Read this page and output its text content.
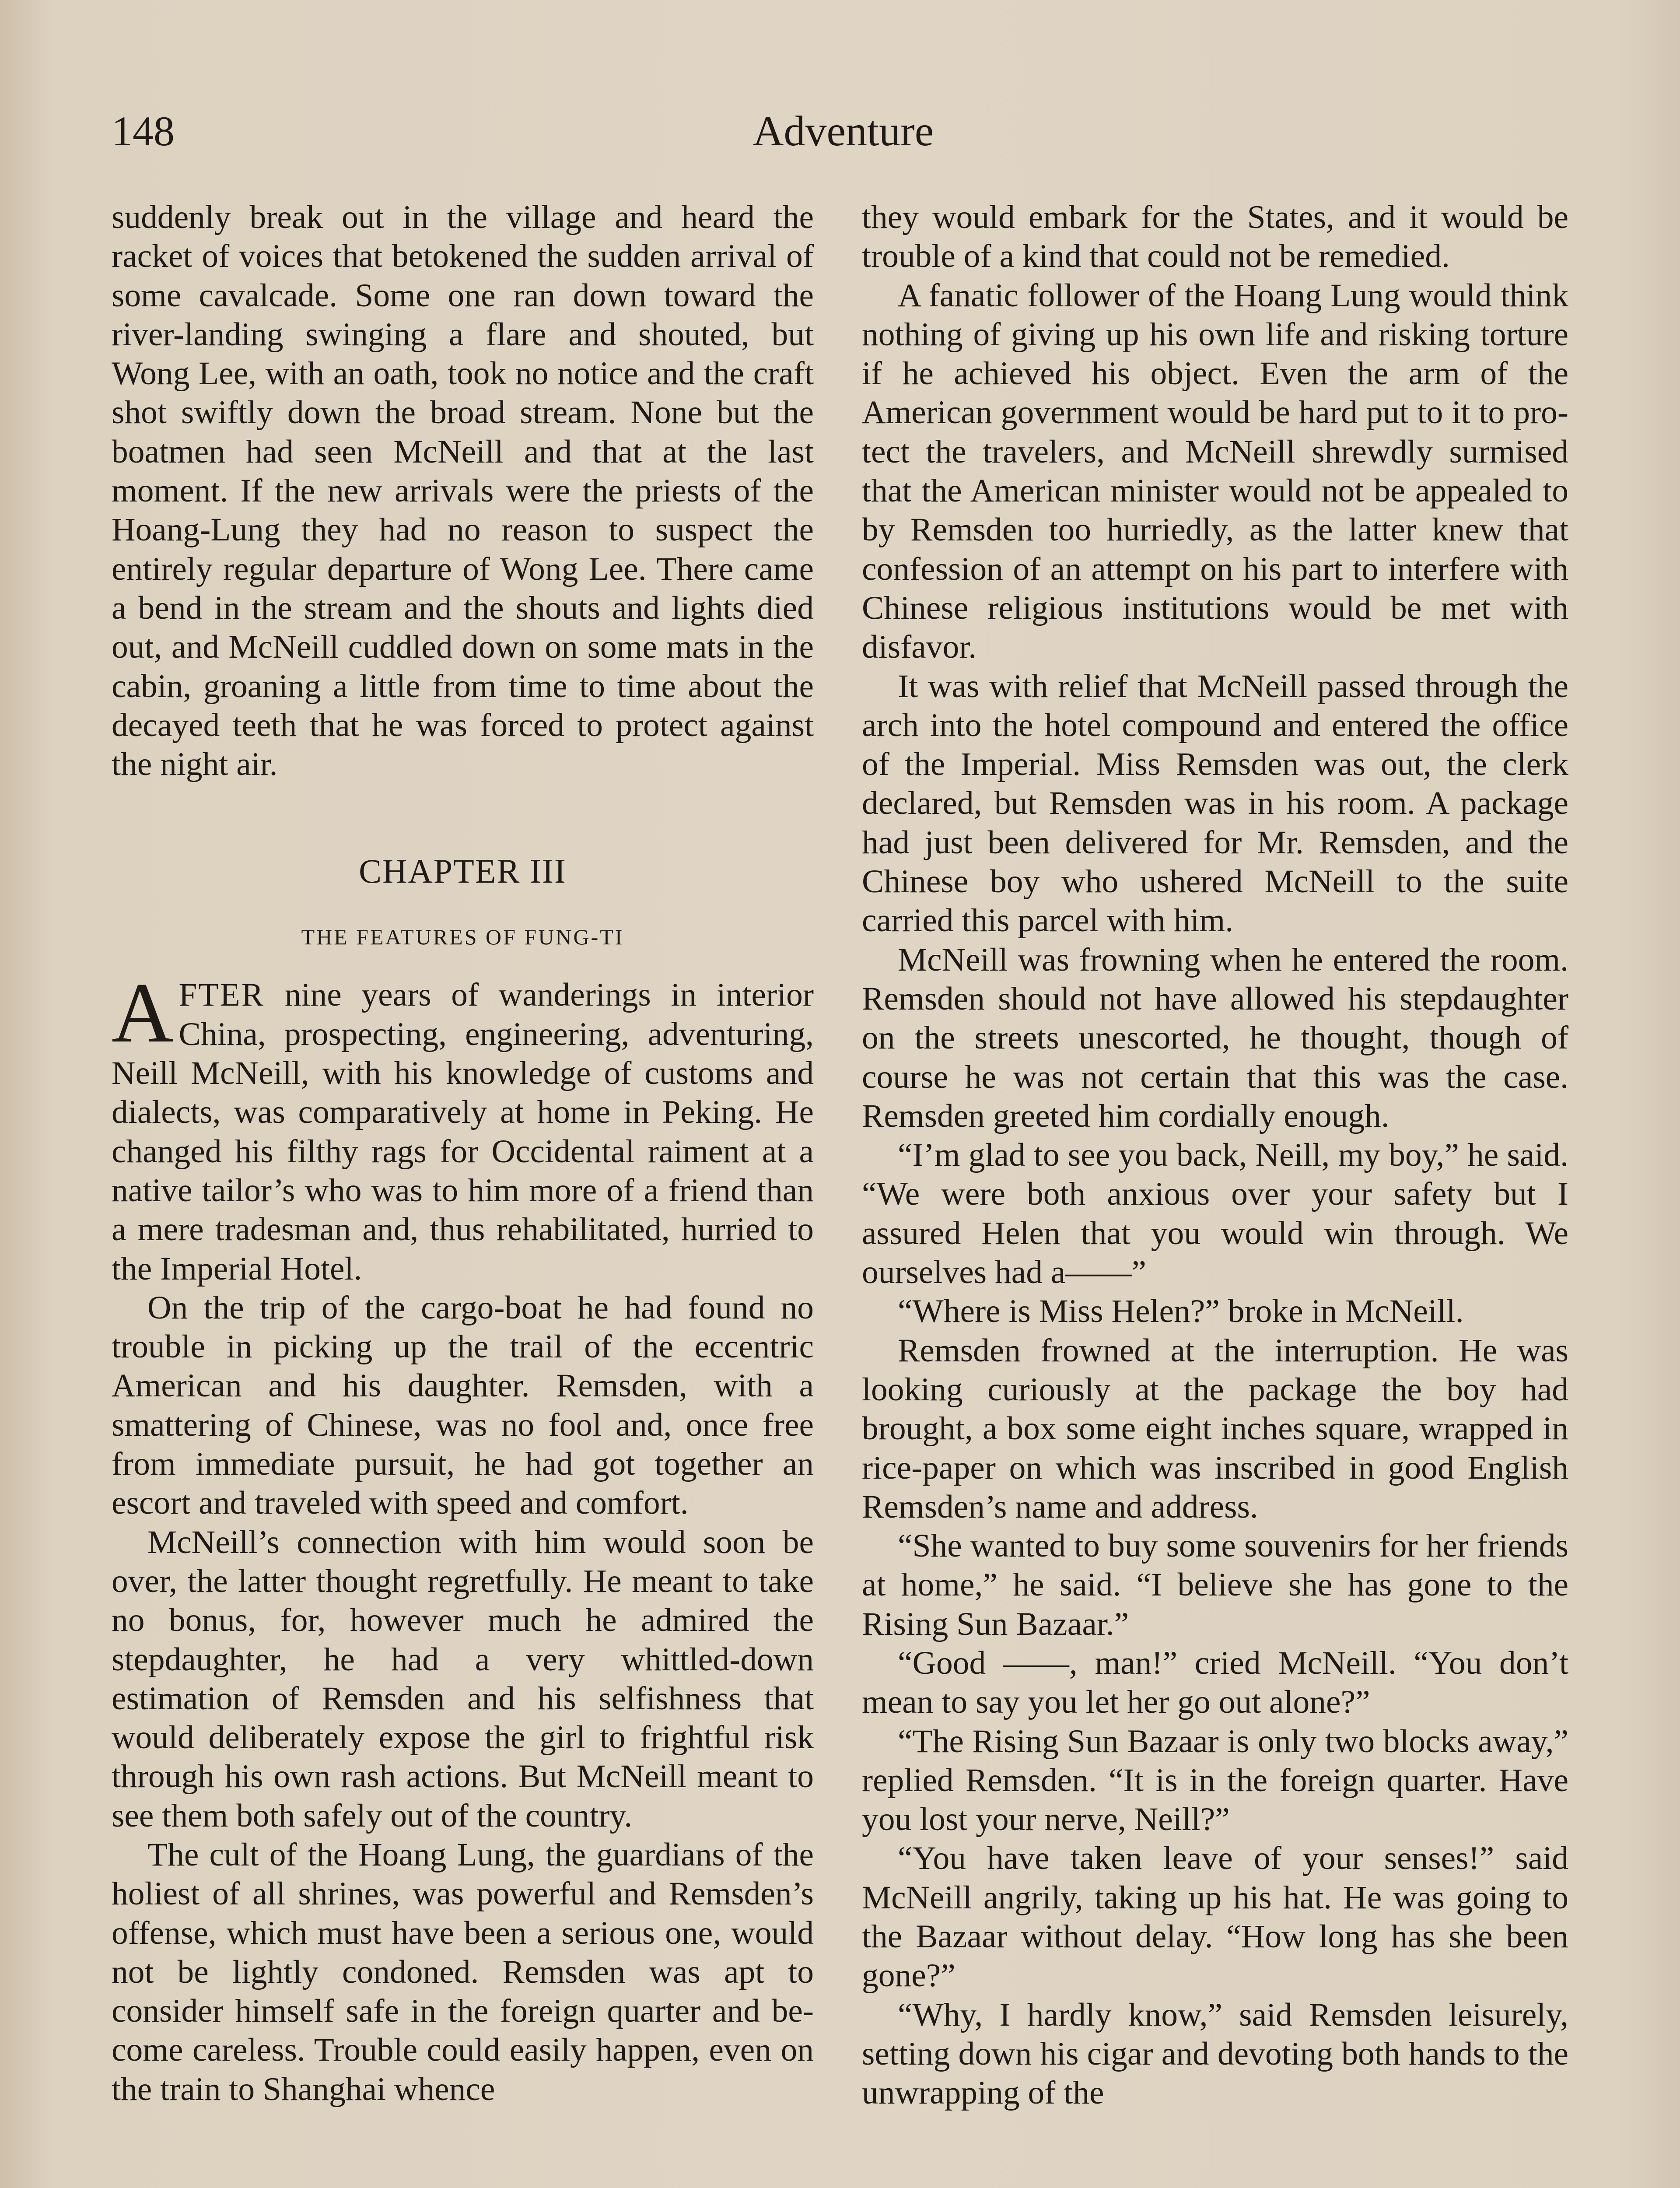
148	Adventure

suddenly break out in the village and heard the racket of voices that betokened the sudden arrival of some cavalcade. Some one ran down toward the river-landing swinging a flare and shouted, but Wong Lee, with an oath, took no notice and the craft shot swiftly down the broad stream. None but the boatmen had seen McNeill and that at the last moment. If the new arrivals were the priests of the Hoang-Lung they had no reason to suspect the entirely regular departure of Wong Lee. There came a bend in the stream and the shouts and lights died out, and McNeill cuddled down on some mats in the cabin, groaning a little from time to time about the decayed teeth that he was forced to protect against the night air.

CHAPTER III
THE FEATURES OF FUNG-TI

AFTER nine years of wanderings in interior China, prospecting, engineering, adventuring, Neill McNeill, with his knowledge of customs and dialects, was comparatively at home in Peking. He changed his filthy rags for Occidental raiment at a native tailor’s who was to him more of a friend than a mere tradesman and, thus rehabilitated, hurried to the Imperial Hotel.

On the trip of the cargo-boat he had found no trouble in picking up the trail of the eccentric American and his daughter. Remsden, with a smattering of Chinese, was no fool and, once free from immediate pursuit, he had got together an escort and traveled with speed and comfort.

McNeill’s connection with him would soon be over, the latter thought regretfully. He meant to take no bonus, for, however much he admired the stepdaughter, he had a very whittled-down estimation of Remsden and his selfishness that would deliberately expose the girl to frightful risk through his own rash actions. But McNeill meant to see them both safely out of the country.

The cult of the Hoang Lung, the guardians of the holiest of all shrines, was powerful and Remsden’s offense, which must have been a serious one, would not be lightly condoned. Remsden was apt to consider himself safe in the foreign quarter and become careless. Trouble could easily happen, even on the train to Shanghai whence

they would embark for the States, and it would be trouble of a kind that could not be remedied.

A fanatic follower of the Hoang Lung would think nothing of giving up his own life and risking torture if he achieved his object. Even the arm of the American government would be hard put to it to protect the travelers, and McNeill shrewdly surmised that the American minister would not be appealed to by Remsden too hurriedly, as the latter knew that confession of an attempt on his part to interfere with Chinese religious institutions would be met with disfavor.

It was with relief that McNeill passed through the arch into the hotel compound and entered the office of the Imperial. Miss Remsden was out, the clerk declared, but Remsden was in his room. A package had just been delivered for Mr. Remsden, and the Chinese boy who ushered McNeill to the suite carried this parcel with him.

McNeill was frowning when he entered the room. Remsden should not have allowed his stepdaughter on the streets unescorted, he thought, though of course he was not certain that this was the case. Remsden greeted him cordially enough.

“I’m glad to see you back, Neill, my boy,” he said. “We were both anxious over your safety but I assured Helen that you would win through. We ourselves had a——”

“Where is Miss Helen?” broke in McNeill.

Remsden frowned at the interruption. He was looking curiously at the package the boy had brought, a box some eight inches square, wrapped in rice-paper on which was inscribed in good English Remsden’s name and address.

“She wanted to buy some souvenirs for her friends at home,” he said. “I believe she has gone to the Rising Sun Bazaar.”

“Good ——, man!” cried McNeill. “You don’t mean to say you let her go out alone?”

“The Rising Sun Bazaar is only two blocks away,” replied Remsden. “It is in the foreign quarter. Have you lost your nerve, Neill?”

“You have taken leave of your senses!” said McNeill angrily, taking up his hat. He was going to the Bazaar without delay. “How long has she been gone?”

“Why, I hardly know,” said Remsden leisurely, setting down his cigar and devoting both hands to the unwrapping of the
